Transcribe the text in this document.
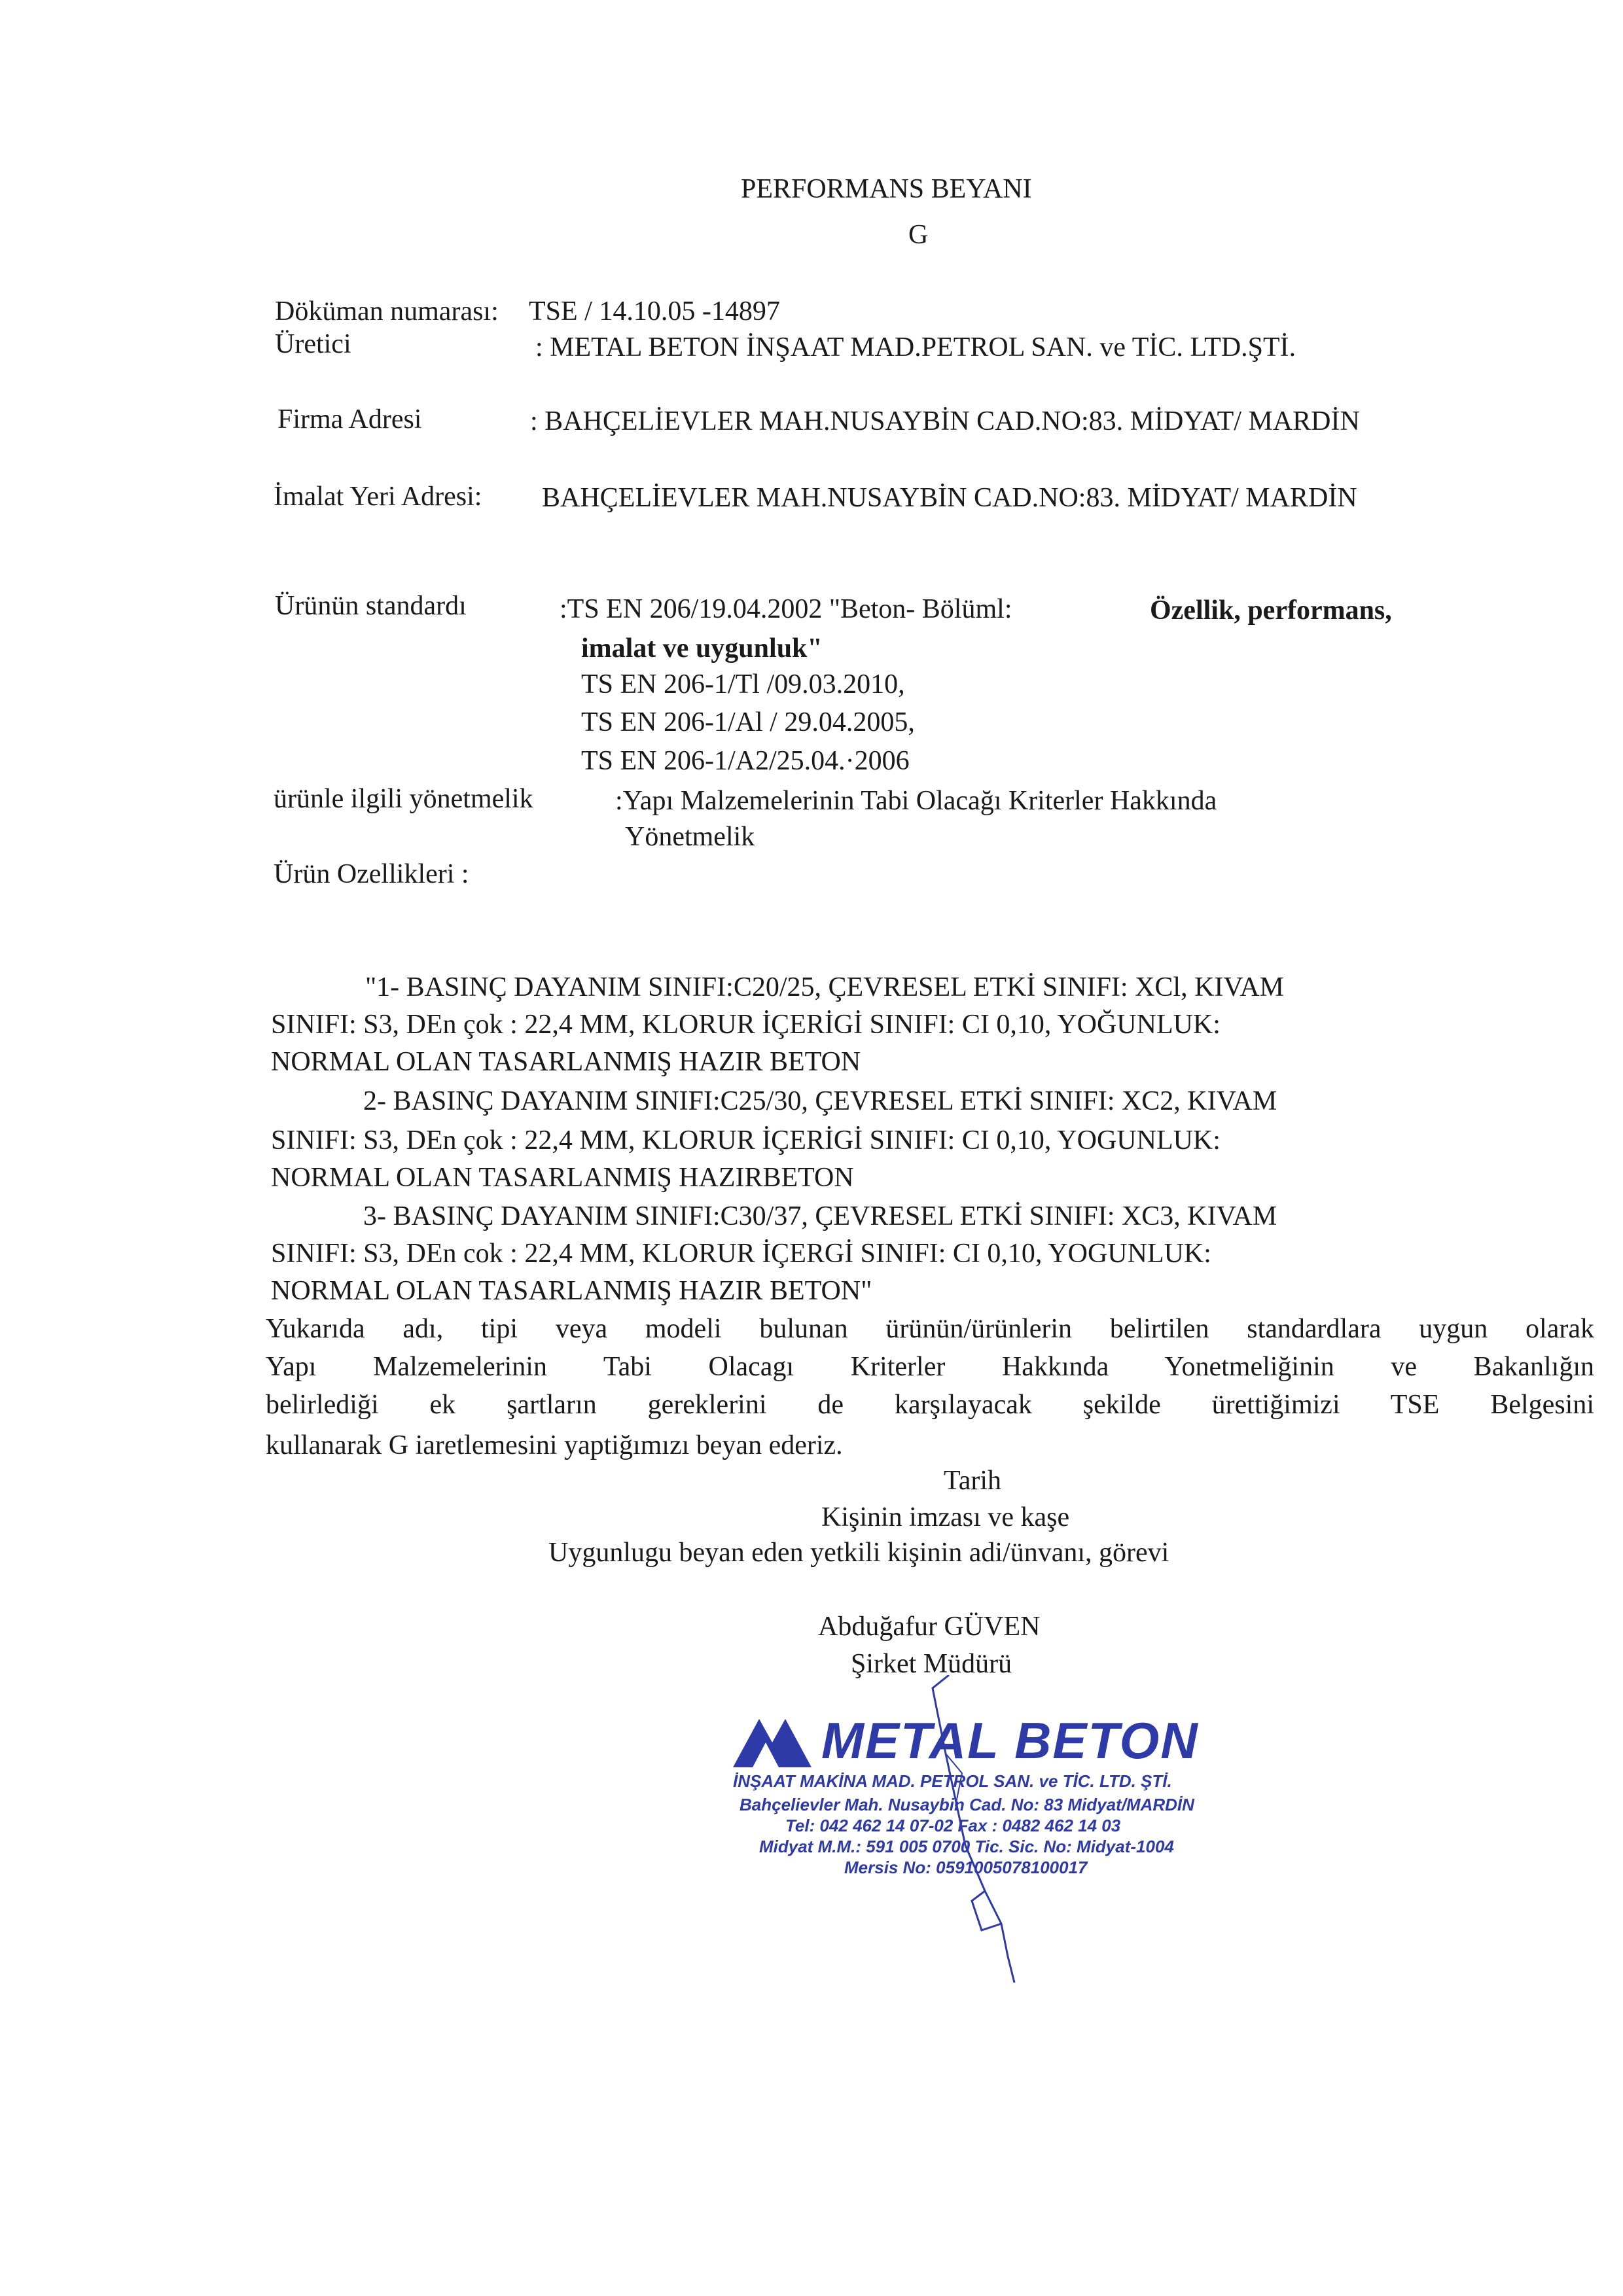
PERFORMANS BEYANI
G
Döküman numarası: TSE / 14.10.05 -14897
Üretici	: METAL BETON İNŞAAT MAD.PETROL SAN. ve TİC. LTD.ŞTİ.
Firma Adresi	: BAHÇELİEVLER MAH.NUSAYBİN CAD.NO:83. MİDYAT/ MARDİN
İmalat Yeri Adresi: BAHÇELİEVLER MAH.NUSAYBİN CAD.NO:83. MİDYAT/ MARDİN
Ürünün standardı	:TS EN 206/19.04.2002 "Beton- Bölüml:	Özellik, performans,
imalat ve uygunluk"
TS EN 206-1/Tl /09.03.2010,
TS EN 206-1/Al / 29.04.2005,
TS EN 206-1/A2/25.04.·2006
ürünle ilgili yönetmelik	:Yapı Malzemelerinin Tabi Olacağı Kriterler Hakkında
Yönetmelik
Ürün Ozellikleri :
"1- BASINÇ DAYANIM SINIFI:C20/25, ÇEVRESEL ETKİ SINIFI: XCl, KIVAM
SINIFI: S3, DEn çok : 22,4 MM, KLORUR İÇERİGİ SINIFI: CI 0,10, YOĞUNLUK:
NORMAL OLAN TASARLANMIŞ HAZIR BETON
2- BASINÇ DAYANIM SINIFI:C25/30, ÇEVRESEL ETKİ SINIFI: XC2, KIVAM
SINIFI: S3, DEn çok : 22,4 MM, KLORUR İÇERİGİ SINIFI: CI 0,10, YOGUNLUK:
NORMAL OLAN TASARLANMIŞ HAZIRBETON
3- BASINÇ DAYANIM SINIFI:C30/37, ÇEVRESEL ETKİ SINIFI: XC3, KIVAM
SINIFI: S3, DEn cok : 22,4 MM, KLORUR İÇERGİ SINIFI: CI 0,10, YOGUNLUK:
NORMAL OLAN TASARLANMIŞ HAZIR BETON"
Yukarıda adı, tipi veya modeli bulunan ürünün/ürünlerin belirtilen standardlara uygun olarak
Yapı Malzemelerinin Tabi Olacagı Kriterler Hakkında Yonetmeliğinin ve Bakanlığın
belirlediği ek şartların gereklerini de karşılayacak şekilde ürettiğimizi TSE Belgesini
kullanarak G iaretlemesini yaptiğımızı beyan ederiz.
Tarih
Kişinin imzası ve kaşe
Uygunlugu beyan eden yetkili kişinin adi/ünvanı, görevi
Abduğafur GÜVEN
Şirket Müdürü
METAL BETON
İNŞAAT MAKİNA MAD. PETROL SAN. ve TİC. LTD. ŞTİ.
Bahçelievler Mah. Nusaybin Cad. No: 83 Midyat/MARDİN
Tel: 042 462 14 07-02 Fax : 0482 462 14 03
Midyat M.M.: 591 005 0700 Tic. Sic. No: Midyat-1004
Mersis No: 0591005078100017
